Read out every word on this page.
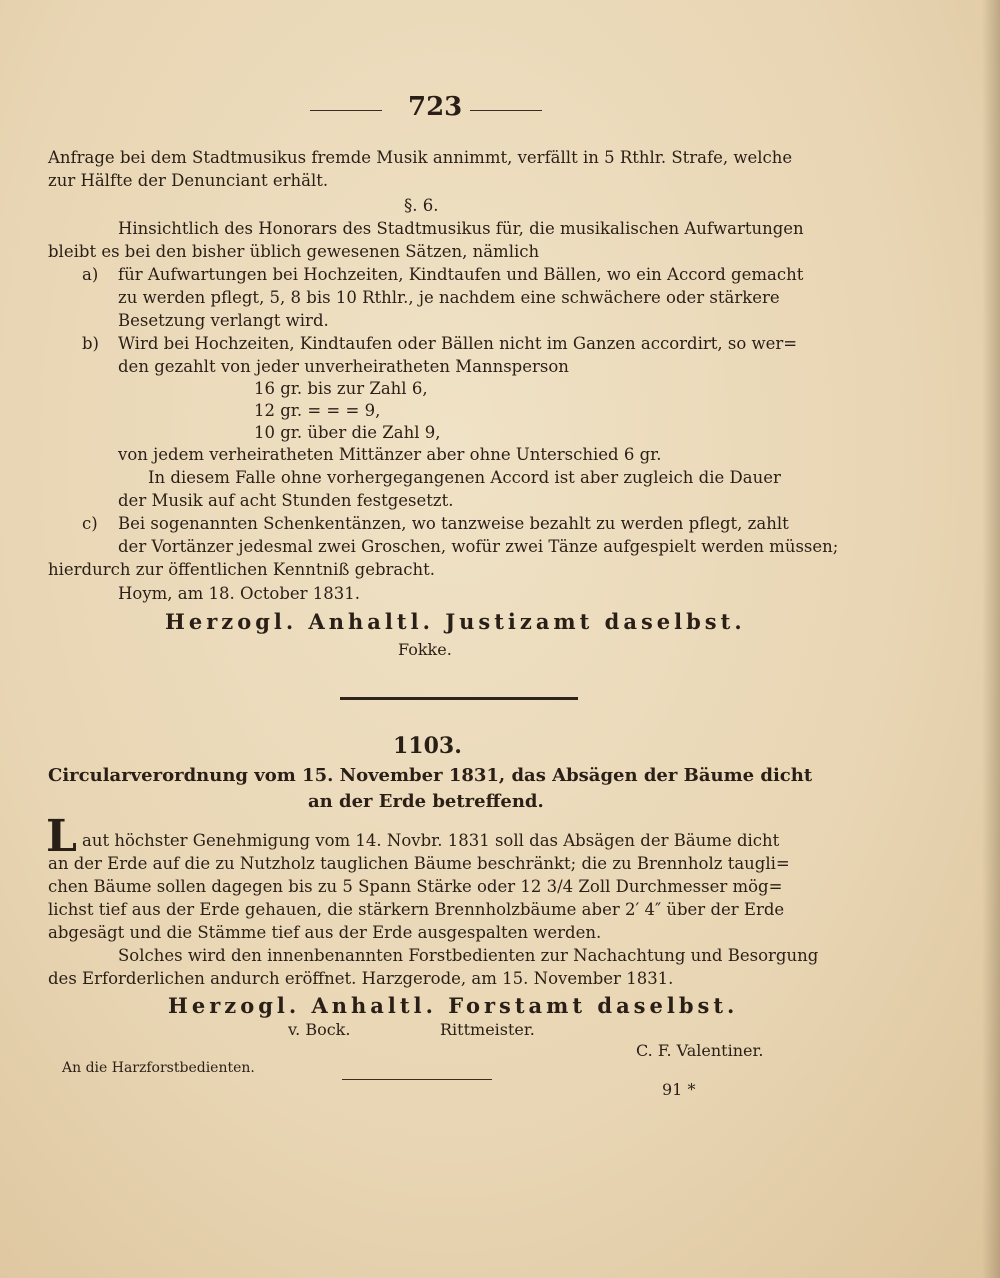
723
Anfrage bei dem Stadtmusikus fremde Musik annimmt, verfällt in 5 Rthlr. Strafe, welche
zur Hälfte der Denunciant erhält.
§. 6.
Hinsichtlich des Honorars des Stadtmusikus für, die musikalischen Aufwartungen
bleibt es bei den bisher üblich gewesenen Sätzen, nämlich
a) für Aufwartungen bei Hochzeiten, Kindtaufen und Bällen, wo ein Accord gemacht
zu werden pflegt, 5, 8 bis 10 Rthlr., je nachdem eine schwächere oder stärkere
Besetzung verlangt wird.
b) Wird bei Hochzeiten, Kindtaufen oder Bällen nicht im Ganzen accordirt, so wer=
den gezahlt von jeder unverheiratheten Mannsperson
16 gr. bis zur Zahl 6,
12 gr. = = = 9,
10 gr. über die Zahl 9,
von jedem verheiratheten Mittänzer aber ohne Unterschied 6 gr.
In diesem Falle ohne vorhergegangenen Accord ist aber zugleich die Dauer
der Musik auf acht Stunden festgesetzt.
c) Bei sogenannten Schenkentänzen, wo tanzweise bezahlt zu werden pflegt, zahlt
der Vortänzer jedesmal zwei Groschen, wofür zwei Tänze aufgespielt werden müssen;
hierdurch zur öffentlichen Kenntniß gebracht.
Hoym, am 18. October 1831.
Herzogl. Anhaltl. Justizamt daselbst.
Fokke.
1103.
Circularverordnung vom 15. November 1831, das Absägen der Bäume dicht
an der Erde betreffend.
L aut höchster Genehmigung vom 14. Novbr. 1831 soll das Absägen der Bäume dicht
an der Erde auf die zu Nutzholz tauglichen Bäume beschränkt; die zu Brennholz taugli=
chen Bäume sollen dagegen bis zu 5 Spann Stärke oder 12 3/4 Zoll Durchmesser mög=
lichst tief aus der Erde gehauen, die stärkern Brennholzbäume aber 2′ 4″ über der Erde
abgesägt und die Stämme tief aus der Erde ausgespalten werden.
Solches wird den innenbenannten Forstbedienten zur Nachachtung und Besorgung
des Erforderlichen andurch eröffnet. Harzgerode, am 15. November 1831.
Herzogl. Anhaltl. Forstamt daselbst.
v. Bock.	Rittmeister.
C. F. Valentiner.
An die Harzforstbedienten.
91 *
